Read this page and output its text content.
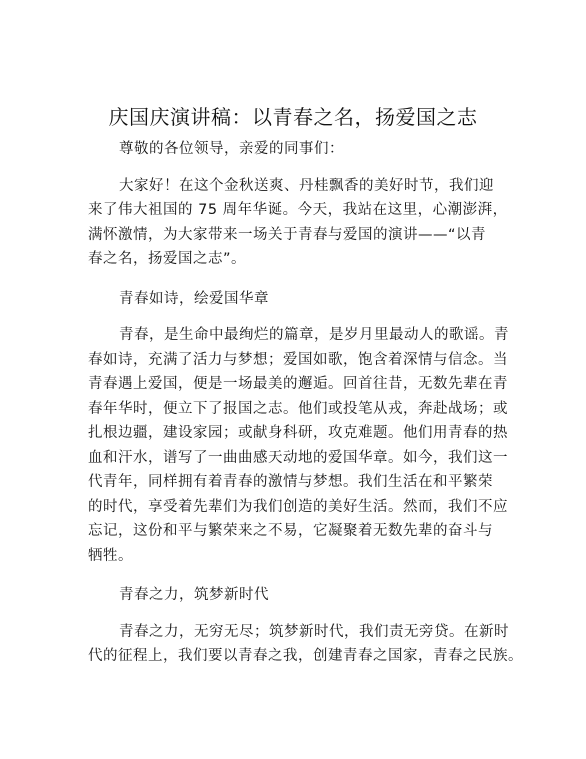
庆国庆演讲稿：以青春之名，扬爱国之志
尊敬的各位领导，亲爱的同事们：
大家好！在这个金秋送爽、丹桂飘香的美好时节，我们迎
来了伟大祖国的 75 周年华诞。今天，我站在这里，心潮澎湃，
满怀激情，为大家带来一场关于青春与爱国的演讲——“以青
春之名，扬爱国之志”。
青春如诗，绘爱国华章
青春，是生命中最绚烂的篇章，是岁月里最动人的歌谣。青
春如诗，充满了活力与梦想；爱国如歌，饱含着深情与信念。当
青春遇上爱国，便是一场最美的邂逅。回首往昔，无数先辈在青
春年华时，便立下了报国之志。他们或投笔从戎，奔赴战场；或
扎根边疆，建设家园；或献身科研，攻克难题。他们用青春的热
血和汗水，谱写了一曲曲感天动地的爱国华章。如今，我们这一
代青年，同样拥有着青春的激情与梦想。我们生活在和平繁荣
的时代，享受着先辈们为我们创造的美好生活。然而，我们不应
忘记，这份和平与繁荣来之不易，它凝聚着无数先辈的奋斗与
牺牲。
青春之力，筑梦新时代
青春之力，无穷无尽；筑梦新时代，我们责无旁贷。在新时
代的征程上，我们要以青春之我，创建青春之国家，青春之民族。
